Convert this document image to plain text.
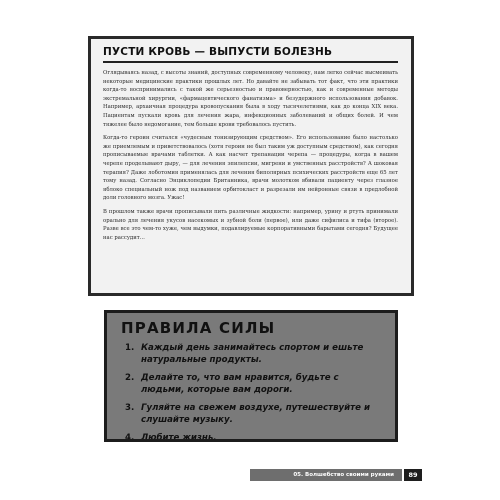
ПУСТИ КРОВЬ — ВЫПУСТИ БОЛЕЗНЬ

Оглядываясь назад, с высоты знаний, доступных современному человеку, нам легко сейчас высмеивать некоторые медицинские практики прошлых лет. Но давайте не забывать тот факт, что эти практики когда-то воспринимались с такой же серьезностью и правоверностью, как и современные методы экстремальной хирургии, «фармацевтического фанатизма» и безудержного использования добавок. Например, архаичная процедура кровопускания была в ходу тысячелетиями, как до конца XIX века. Пациентам пускали кровь для лечения жара, инфекционных заболеваний и общих болей. И чем тяжелее было недомогание, тем больше крови требовалось пустить.

Когда-то героин считался «чудесным тонизирующим средством». Его использование было настолько же приемлемым и приветствовалось (хотя героин не был таким уж доступным средством), как сегодня прописываемые врачами таблетки. А как насчет трепанации черепа — процедуры, когда в вашем черепе проделывают дыру, — для лечения эпилепсии, мигрени и умственных расстройств? А шоковая терапия? Даже лоботомия применялась для лечения биполярных психических расстройств еще 65 лет тому назад. Согласно Энциклопедии Британника, врачи молотком вбивали пациенту через глазное яблоко специальный нож под названием орбитокласт и разрезали им нейронные связи в предлобной доли головного мозга. Ужас!

В прошлом также врачи прописывали пить различные жидкости: например, урину и ртуть принимали орально для лечения укусов насекомых и зубной боли (первое), или даже сифилиса и тифа (второе). Разве все это чем-то хуже, чем выдумки, подавлируемые корпоративными барытами сегодня? Будущее нас рассудит…

ПРАВИЛА СИЛЫ
1. Каждый день занимайтесь спортом и ешьте натуральные продукты.
2. Делайте то, что вам нравится, будьте с людьми, которые вам дороги.
3. Гуляйте на свежем воздухе, путешествуйте и слушайте музыку.
4. Любите жизнь.
05. Волшебство своими руками	89
